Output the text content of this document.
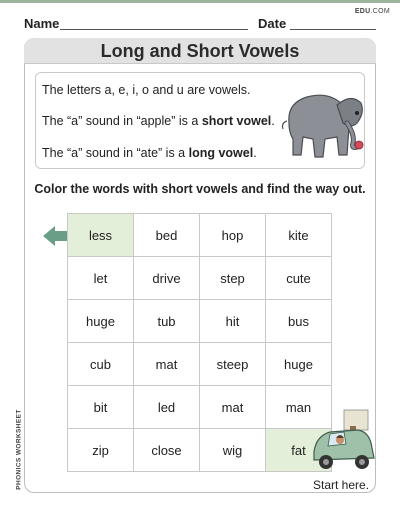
Name	Date
EDU.COM
Long and Short Vowels
The letters a, e, i, o and u are vowels.
The “a” sound in “apple” is a short vowel.
The “a” sound in “ate” is a long vowel.
Color the words with short vowels and find the way out.
less	bed	hop	kite
let	drive	step	cute
huge	tub	hit	bus
cub	mat	steep	huge
bit	led	mat	man
zip	close	wig	fat
Start here.
PHONICS WORKSHEET
